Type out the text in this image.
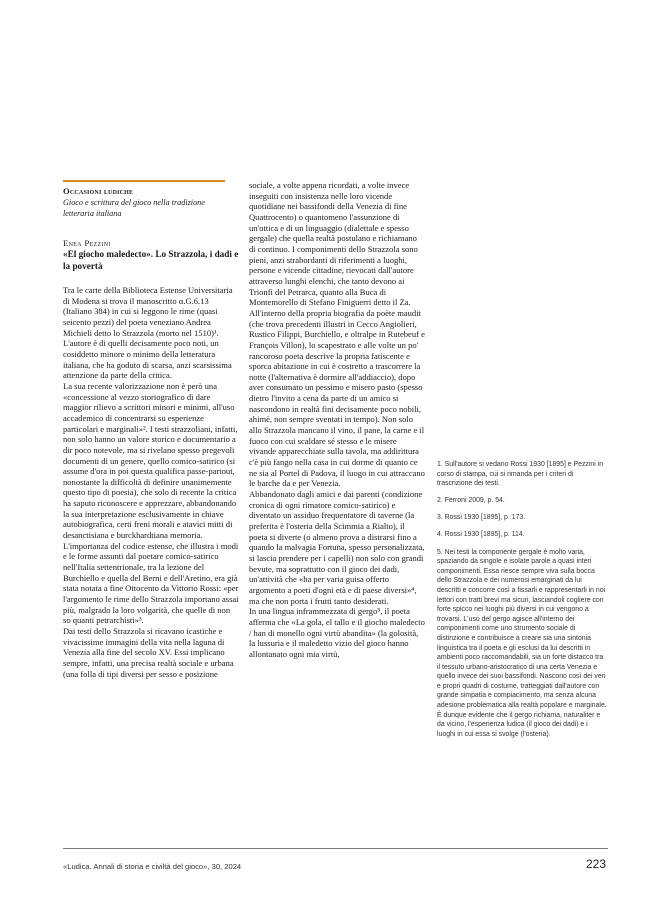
Occasioni ludiche
Gioco e scrittura del gioco nella tradizione letteraria italiana
Enea Pezzini
«El giocho maledecto». Lo Strazzola, i dadi e la povertà

Tra le carte della Biblioteca Estense Universitaria di Modena si trova il manoscritto α.G.6.13 (Italiano 384) in cui si leggono le rime (quasi seicento pezzi) del poeta veneziano Andrea Michieli detto lo Strazzola (morto nel 1510)¹.

L'autore è di quelli decisamente poco noti, un cosiddetto minore o minimo della letteratura italiana, che ha goduto di scarsa, anzi scarsissima attenzione da parte della critica.

La sua recente valorizzazione non è però una «concessione al vezzo storiografico di dare maggior rilievo a scrittori minori e minimi, all'uso accademico di concentrarsi su esperienze particolari e marginali»². I testi strazzoliani, infatti, non solo hanno un valore storico e documentario a dir poco notevole, ma si rivelano spesso pregevoli documenti di un genere, quello comico-satirico (si assume d'ora in poi questa qualifica passe-partout, nonostante la difficoltà di definire unanimemente questo tipo di poesia), che solo di recente la critica ha saputo riconoscere e apprezzare, abbandonando la sua interpretazione esclusivamente in chiave autobiografica, certi freni morali e atavici mitti di desanctisiana e burckhardtiana memoria.

L'importanza del codice estense, che illustra i modi e le forme assunti dal poetare comico-satirico nell'Italia settentrionale, tra la lezione del Burchiello e quella del Berni e dell'Aretino, era già stata notata a fine Ottocento da Vittorio Rossi: «per l'argomento le rime dello Strazzola importano assai più, malgrado la loro volgarità, che quelle di non so quanti petrarchisti»³.

Dai testi dello Strazzola si ricavano icastiche e vivacissime immagini della vita nella laguna di Venezia alla fine del secolo XV. Essi implicano sempre, infatti, una precisa realtà sociale e urbana (una folla di tipi diversi per sesso e posizione

sociale, a volte appena ricordati, a volte invece inseguiti con insistenza nelle loro vicende quotidiane nei bassifondi della Venezia di fine Quattrocento) o quantomeno l'assunzione di un'ottica e di un linguaggio (dialettale e spesso gergale) che quella realtà postulano e richiamano di continuo. I componimenti dello Strazzola sono pieni, anzi strabordanti di riferimenti a luoghi, persone e vicende cittadine, rievocati dall'autore attraverso lunghi elenchi, che tanto devono ai Trionfi del Petrarca, quanto alla Buca di Montemorello di Stefano Finiguerri detto il Za.

All'interno della propria biografia da poète maudit (che trova precedenti illustri in Cecco Angiolieri, Rustico Filippi, Burchiello, e oltralpe in Rutebeuf e François Villon), lo scapestrato e alle volte un po' rancoroso poeta descrive la propria fatiscente e sporca abitazione in cui è costretto a trascorrere la notte (l'alternativa è dormire all'addiaccio), dopo aver consumato un pessimo e misero pasto (spesso dietro l'invito a cena da parte di un amico si nascondono in realtà fini decisamente poco nobili, ahimè, non sempre sventati in tempo). Non solo allo Strazzola mancano il vino, il pane, la carne e il fuoco con cui scaldare sé stesso e le misere vivande apparecchiate sulla tavola, ma addirittura c'è più fango nella casa in cui dorme di quanto ce ne sia al Portel di Padova, il luogo in cui attraccano le barche da e per Venezia.

Abbandonato dagli amici e dai parenti (condizione cronica di ogni rimatore comico-satirico) e diventato un assiduo frequentatore di taverne (la preferita è l'osteria della Scimmia a Rialto), il poeta si diverte (o almeno prova a distrarsi fino a quando la malvagia Fortuna, spesso personalizzata, si lascia prendere per i capelli) non solo con grandi bevute, ma soprattutto con il gioco dei dadi, un'attività che «ha per varia guisa offerto argomento a poeti d'ogni età e di paese diversi»⁴, ma che non porta i frutti tanto desiderati.

In una lingua inframmezzata di gergo⁵, il poeta afferma che «La gola, el tallo e il giocho maledecto / han di monello ogni virtù abandita» (la golosità, la lussuria e il maledetto vizio del gioco hanno allontanato ogni mia virtù,

1. Sull'autore si vedano Rossi 1930 [1895] e Pezzini in corso di stampa, cui si rimanda per i criteri di trascrizione dei testi.

2. Ferroni 2009, p. 54.

3. Rossi 1930 [1895], p. 173.

4. Rossi 1930 [1895], p. 114.

5. Nei testi la componente gergale è molto varia, spaziando da singole e isolate parole a quasi interi componimenti. Essa riesce sempre viva sulla bocca dello Strazzola e dei numerosi emarginati da lui descritti e concorre così a fissarli e rappresentarli in noi lettori con tratti brevi ma sicuri, lasciandoli cogliere con forte spicco nei luoghi più diversi in cui vengono a trovarsi. L'uso del gergo agisce all'interno dei componimenti come uno strumento sociale di distinzione e contribuisce a creare sia una sintonia linguistica tra il poeta e gli esclusi da lui descritti in ambienti poco raccomandabili, sia un forte distacco tra il tessuto urbano-aristocratico di una certa Venezia e quello invece dei suoi bassifondi. Nascono così dei veri e propri quadri di costume, tratteggiati dall'autore con grande simpatia e compiacimento, ma senza alcuna adesione problematica alla realtà popolare e marginale. È dunque evidente che il gergo richiama, naturaliter e da vicino, l'esperienza ludica (il gioco dei dadi) e i luoghi in cui essa si svolge (l'osteria).

«Ludica. Annali di storia e civiltà del gioco», 30, 2024	223
